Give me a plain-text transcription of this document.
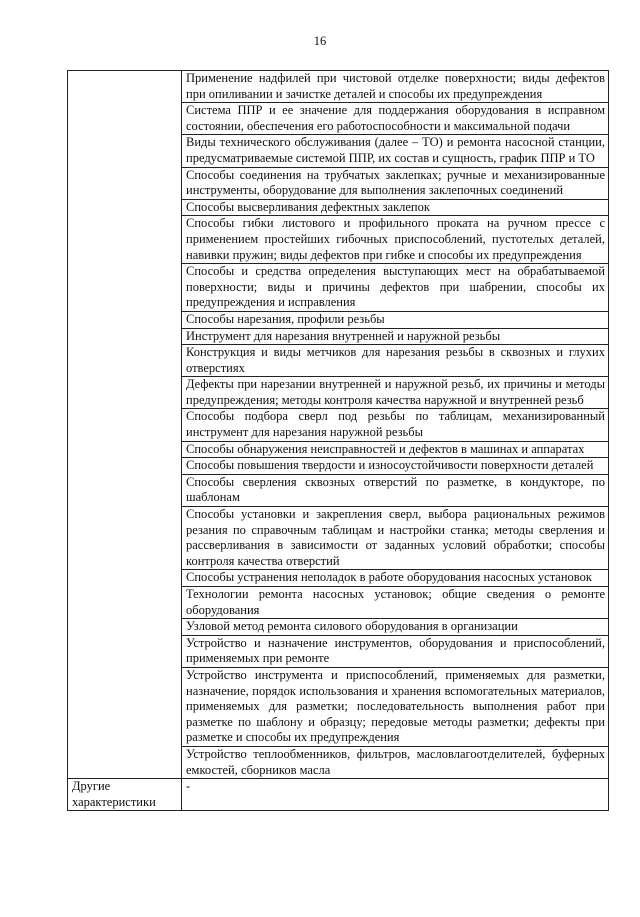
16
	Применение надфилей при чистовой отделке поверхности; виды дефектов при опиливании и зачистке деталей и способы их предупреждения
	Система ППР и ее значение для поддержания оборудования в исправном состоянии, обеспечения его работоспособности и максимальной подачи
	Виды технического обслуживания (далее – ТО) и ремонта насосной станции, предусматриваемые системой ППР, их состав и сущность, график ППР и ТО
	Способы соединения на трубчатых заклепках; ручные и механизированные инструменты, оборудование для выполнения заклепочных соединений
	Способы высверливания дефектных заклепок
	Способы гибки листового и профильного проката на ручном прессе с применением простейших гибочных приспособлений, пустотелых деталей, навивки пружин; виды дефектов при гибке и способы их предупреждения
	Способы и средства определения выступающих мест на обрабатываемой поверхности; виды и причины дефектов при шабрении, способы их предупреждения и исправления
	Способы нарезания, профили резьбы
	Инструмент для нарезания внутренней и наружной резьбы
	Конструкция и виды метчиков для нарезания резьбы в сквозных и глухих отверстиях
	Дефекты при нарезании внутренней и наружной резьб, их причины и методы предупреждения; методы контроля качества наружной и внутренней резьб
	Способы подбора сверл под резьбы по таблицам, механизированный инструмент для нарезания наружной резьбы
	Способы обнаружения неисправностей и дефектов в машинах и аппаратах
	Способы повышения твердости и износоустойчивости поверхности деталей
	Способы сверления сквозных отверстий по разметке, в кондукторе, по шаблонам
	Способы установки и закрепления сверл, выбора рациональных режимов резания по справочным таблицам и настройки станка; методы сверления и рассверливания в зависимости от заданных условий обработки; способы контроля качества отверстий
	Способы устранения неполадок в работе оборудования насосных установок
	Технологии ремонта насосных установок; общие сведения о ремонте оборудования
	Узловой метод ремонта силового оборудования в организации
	Устройство и назначение инструментов, оборудования и приспособлений, применяемых при ремонте
	Устройство инструмента и приспособлений, применяемых для разметки, назначение, порядок использования и хранения вспомогательных материалов, применяемых для разметки; последовательность выполнения работ при разметке по шаблону и образцу; передовые методы разметки; дефекты при разметке и способы их предупреждения
	Устройство теплообменников, фильтров, масловлагоотделителей, буферных емкостей, сборников масла
Другие характеристики	-
